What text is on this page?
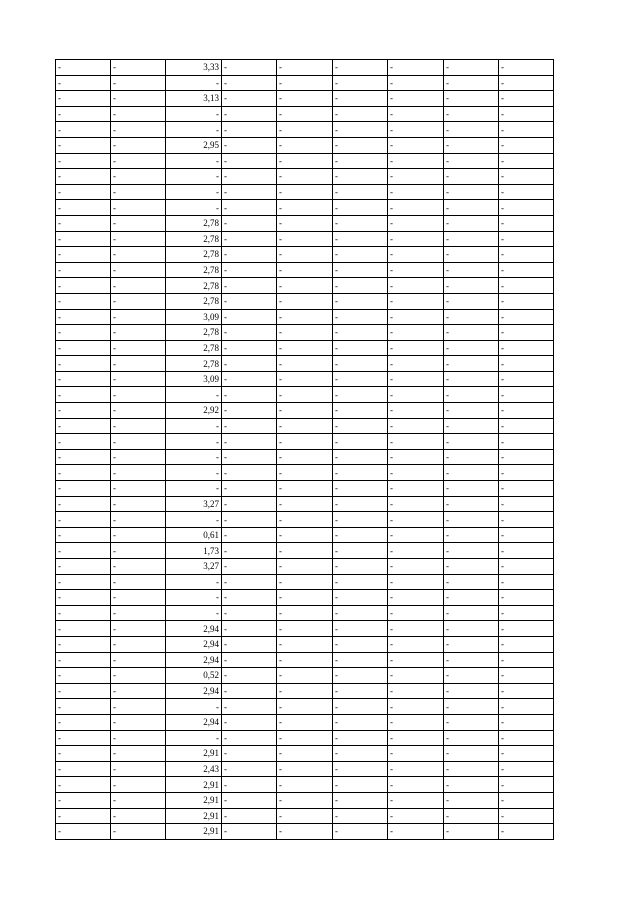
-	-	3,33	-	-	-	-	-	-
-	-	-	-	-	-	-	-	-
-	-	3,13	-	-	-	-	-	-
-	-	-	-	-	-	-	-	-
-	-	-	-	-	-	-	-	-
-	-	2,95	-	-	-	-	-	-
-	-	-	-	-	-	-	-	-
-	-	-	-	-	-	-	-	-
-	-	-	-	-	-	-	-	-
-	-	-	-	-	-	-	-	-
-	-	2,78	-	-	-	-	-	-
-	-	2,78	-	-	-	-	-	-
-	-	2,78	-	-	-	-	-	-
-	-	2,78	-	-	-	-	-	-
-	-	2,78	-	-	-	-	-	-
-	-	2,78	-	-	-	-	-	-
-	-	3,09	-	-	-	-	-	-
-	-	2,78	-	-	-	-	-	-
-	-	2,78	-	-	-	-	-	-
-	-	2,78	-	-	-	-	-	-
-	-	3,09	-	-	-	-	-	-
-	-	-	-	-	-	-	-	-
-	-	2,92	-	-	-	-	-	-
-	-	-	-	-	-	-	-	-
-	-	-	-	-	-	-	-	-
-	-	-	-	-	-	-	-	-
-	-	-	-	-	-	-	-	-
-	-	-	-	-	-	-	-	-
-	-	3,27	-	-	-	-	-	-
-	-	-	-	-	-	-	-	-
-	-	0,61	-	-	-	-	-	-
-	-	1,73	-	-	-	-	-	-
-	-	3,27	-	-	-	-	-	-
-	-	-	-	-	-	-	-	-
-	-	-	-	-	-	-	-	-
-	-	-	-	-	-	-	-	-
-	-	2,94	-	-	-	-	-	-
-	-	2,94	-	-	-	-	-	-
-	-	2,94	-	-	-	-	-	-
-	-	0,52	-	-	-	-	-	-
-	-	2,94	-	-	-	-	-	-
-	-	-	-	-	-	-	-	-
-	-	2,94	-	-	-	-	-	-
-	-	-	-	-	-	-	-	-
-	-	2,91	-	-	-	-	-	-
-	-	2,43	-	-	-	-	-	-
-	-	2,91	-	-	-	-	-	-
-	-	2,91	-	-	-	-	-	-
-	-	2,91	-	-	-	-	-	-
-	-	2,91	-	-	-	-	-	-
